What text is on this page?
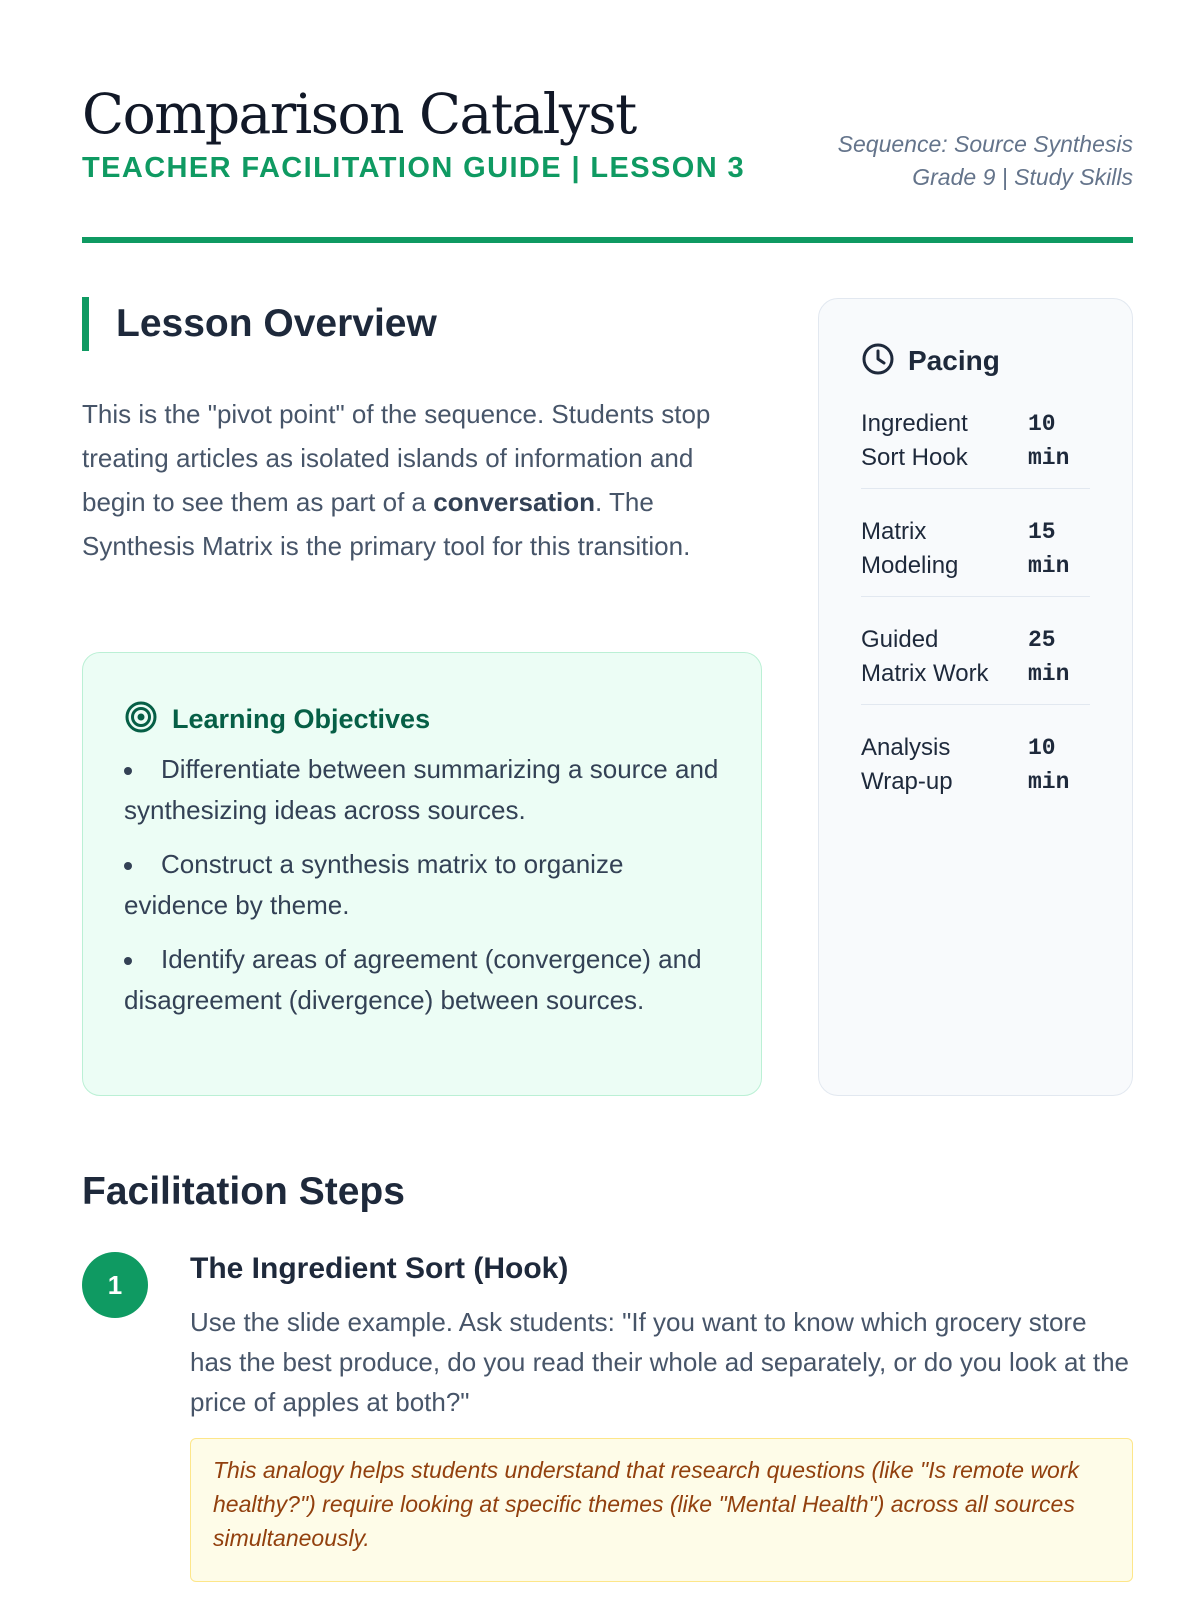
Comparison Catalyst
TEACHER FACILITATION GUIDE | LESSON 3
Sequence: Source Synthesis
Grade 9 | Study Skills
Lesson Overview

This is the "pivot point" of the sequence. Students stop treating articles as isolated islands of information and begin to see them as part of a conversation. The Synthesis Matrix is the primary tool for this transition.

Learning Objectives
Differentiate between summarizing a source and synthesizing ideas across sources.
Construct a synthesis matrix to organize evidence by theme.
Identify areas of agreement (convergence) and disagreement (divergence) between sources.
Pacing
Ingredient Sort Hook
10 min
Matrix Modeling
15 min
Guided Matrix Work
25 min
Analysis Wrap-up
10 min
Facilitation Steps
1	The Ingredient Sort (Hook)

Use the slide example. Ask students: "If you want to know which grocery store has the best produce, do you read their whole ad separately, or do you look at the price of apples at both?"

This analogy helps students understand that research questions (like "Is remote work healthy?") require looking at specific themes (like "Mental Health") across all sources simultaneously.
